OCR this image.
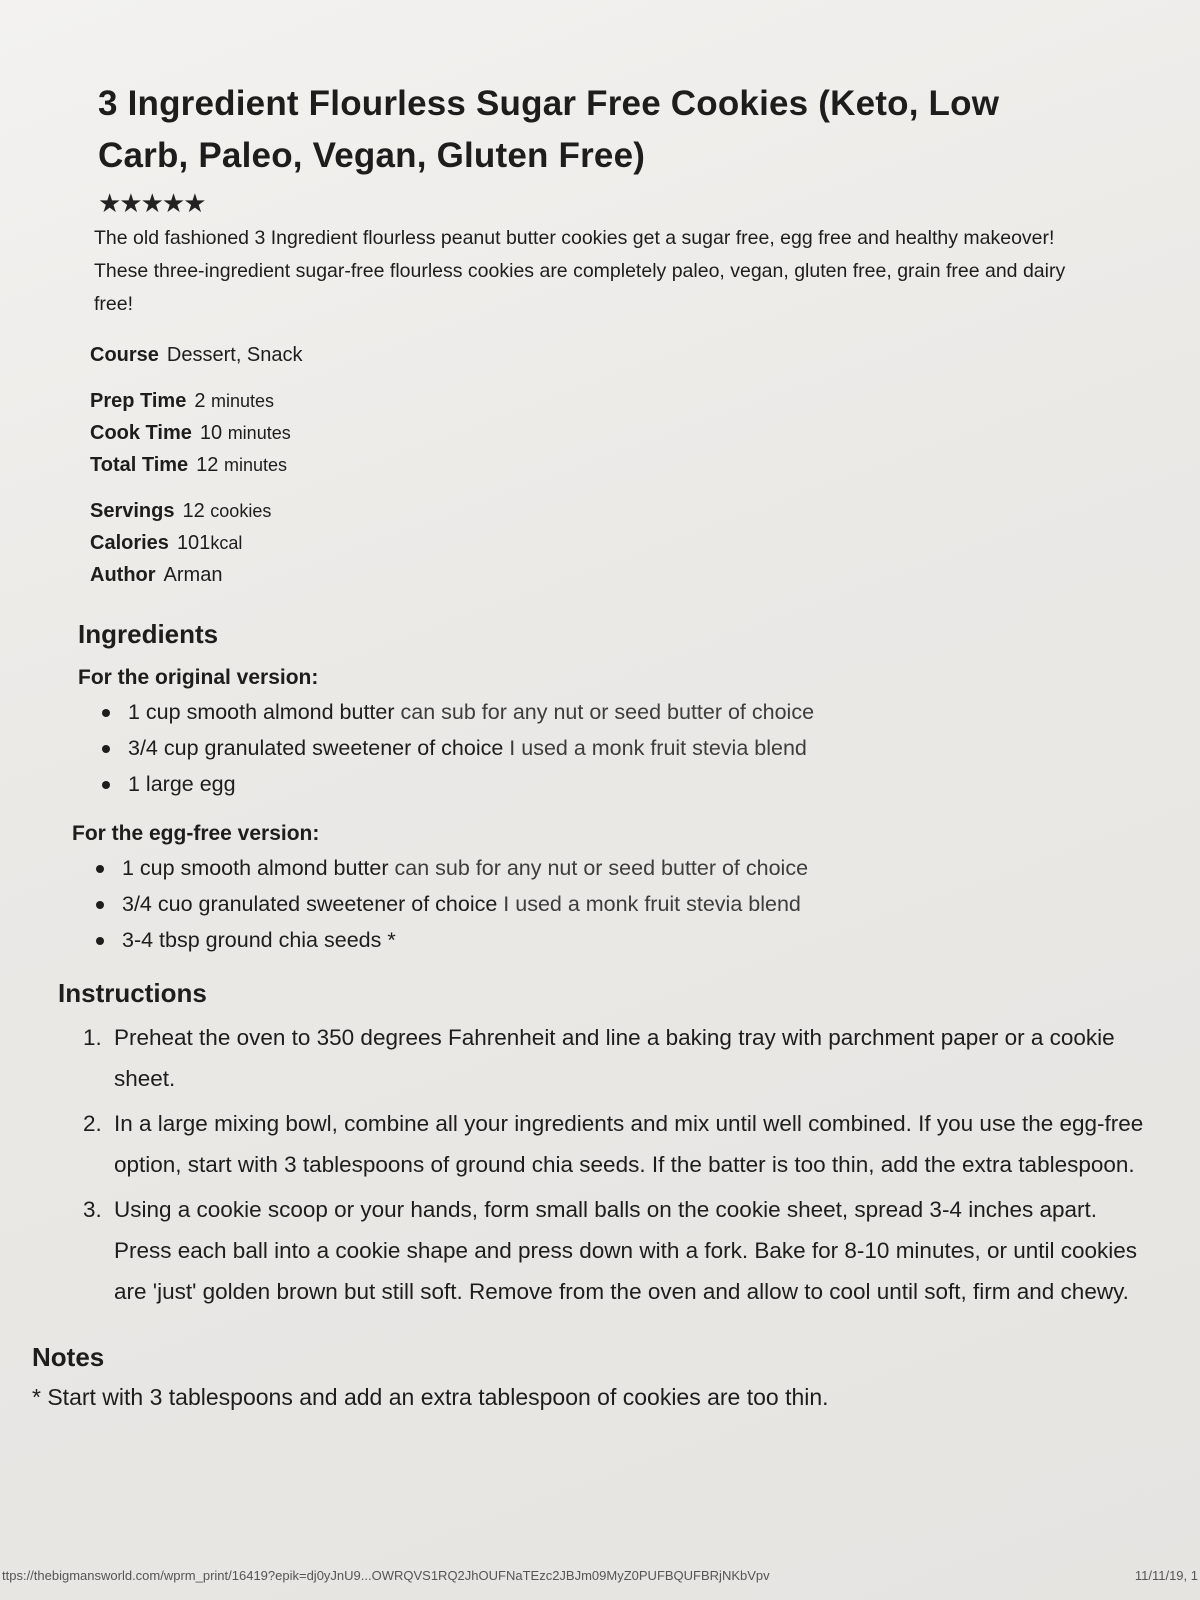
3 Ingredient Flourless Sugar Free Cookies (Keto, Low Carb, Paleo, Vegan, Gluten Free)
★★★★★
The old fashioned 3 Ingredient flourless peanut butter cookies get a sugar free, egg free and healthy makeover! These three-ingredient sugar-free flourless cookies are completely paleo, vegan, gluten free, grain free and dairy free!
Course Dessert, Snack
Prep Time 2 minutes
Cook Time 10 minutes
Total Time 12 minutes
Servings 12 cookies
Calories 101kcal
Author Arman
Ingredients
For the original version:
1 cup smooth almond butter can sub for any nut or seed butter of choice
3/4 cup granulated sweetener of choice I used a monk fruit stevia blend
1 large egg
For the egg-free version:
1 cup smooth almond butter can sub for any nut or seed butter of choice
3/4 cuo granulated sweetener of choice I used a monk fruit stevia blend
3-4 tbsp ground chia seeds *
Instructions
1. Preheat the oven to 350 degrees Fahrenheit and line a baking tray with parchment paper or a cookie sheet.
2. In a large mixing bowl, combine all your ingredients and mix until well combined. If you use the egg-free option, start with 3 tablespoons of ground chia seeds. If the batter is too thin, add the extra tablespoon.
3. Using a cookie scoop or your hands, form small balls on the cookie sheet, spread 3-4 inches apart. Press each ball into a cookie shape and press down with a fork. Bake for 8-10 minutes, or until cookies are 'just' golden brown but still soft. Remove from the oven and allow to cool until soft, firm and chewy.
Notes
* Start with 3 tablespoons and add an extra tablespoon of cookies are too thin.
ttps://thebigmansworld.com/wprm_print/16419?epik=dj0yJnU9...OWRQVS1RQ2JhOUFNaTEzc2JBJm09MyZ0PUFBQUFBRjNKbVpv	11/11/19, 1
